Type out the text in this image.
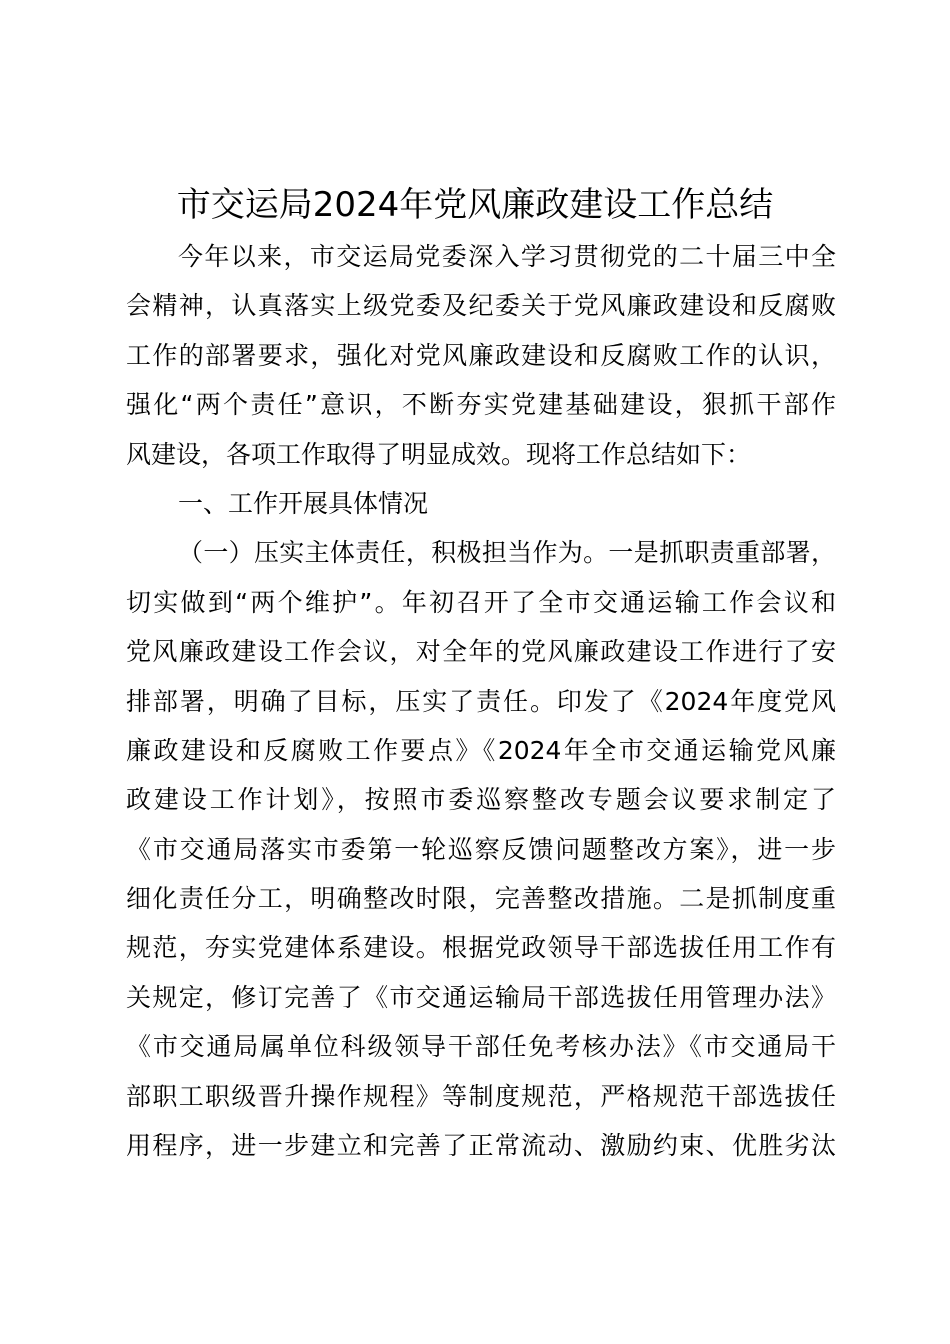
市交运局2024年党风廉政建设工作总结
今年以来，市交运局党委深入学习贯彻党的二十届三中全
会精神，认真落实上级党委及纪委关于党风廉政建设和反腐败
工作的部署要求，强化对党风廉政建设和反腐败工作的认识，
强化“两个责任”意识，不断夯实党建基础建设，狠抓干部作
风建设，各项工作取得了明显成效。现将工作总结如下：
一、工作开展具体情况
（一）压实主体责任，积极担当作为。一是抓职责重部署，
切实做到“两个维护”。年初召开了全市交通运输工作会议和
党风廉政建设工作会议，对全年的党风廉政建设工作进行了安
排部署，明确了目标，压实了责任。印发了《2024年度党风
廉政建设和反腐败工作要点》《2024年全市交通运输党风廉
政建设工作计划》，按照市委巡察整改专题会议要求制定了
《市交通局落实市委第一轮巡察反馈问题整改方案》，进一步
细化责任分工，明确整改时限，完善整改措施。二是抓制度重
规范，夯实党建体系建设。根据党政领导干部选拔任用工作有
关规定，修订完善了《市交通运输局干部选拔任用管理办法》
《市交通局属单位科级领导干部任免考核办法》《市交通局干
部职工职级晋升操作规程》等制度规范，严格规范干部选拔任
用程序，进一步建立和完善了正常流动、激励约束、优胜劣汰
